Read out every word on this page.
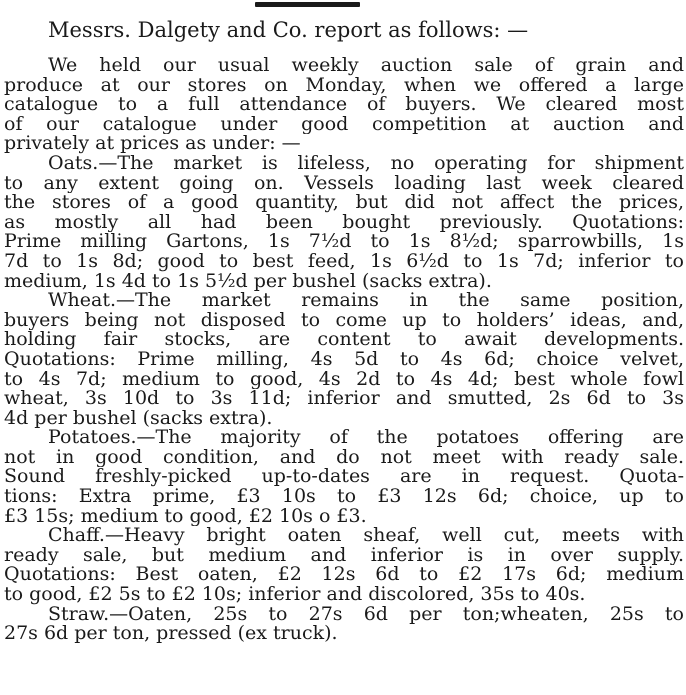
Messrs. Dalgety and Co. report as follows: —
We held our usual weekly auction sale of grain and
produce at our stores on Monday, when we offered a large
catalogue to a full attendance of buyers. We cleared most
of our catalogue under good competition at auction and
privately at prices as under: —
Oats.—The market is lifeless, no operating for shipment
to any extent going on. Vessels loading last week cleared
the stores of a good quantity, but did not affect the prices,
as mostly all had been bought previously. Quotations:
Prime milling Gartons, 1s 7½d to 1s 8½d; sparrowbills, 1s
7d to 1s 8d; good to best feed, 1s 6½d to 1s 7d; inferior to
medium, 1s 4d to 1s 5½d per bushel (sacks extra).
Wheat.—The market remains in the same position,
buyers being not disposed to come up to holders’ ideas, and,
holding fair stocks, are content to await developments.
Quotations: Prime milling, 4s 5d to 4s 6d; choice velvet,
to 4s 7d; medium to good, 4s 2d to 4s 4d; best whole fowl
wheat, 3s 10d to 3s 11d; inferior and smutted, 2s 6d to 3s
4d per bushel (sacks extra).
Potatoes.—The majority of the potatoes offering are
not in good condition, and do not meet with ready sale.
Sound freshly-picked up-to-dates are in request. Quota-
tions: Extra prime, £3 10s to £3 12s 6d; choice, up to
£3 15s; medium to good, £2 10s o £3.
Chaff.—Heavy bright oaten sheaf, well cut, meets with
ready sale, but medium and inferior is in over supply.
Quotations: Best oaten, £2 12s 6d to £2 17s 6d; medium
to good, £2 5s to £2 10s; inferior and discolored, 35s to 40s.
Straw.—Oaten, 25s to 27s 6d per ton;wheaten, 25s to
27s 6d per ton, pressed (ex truck).
